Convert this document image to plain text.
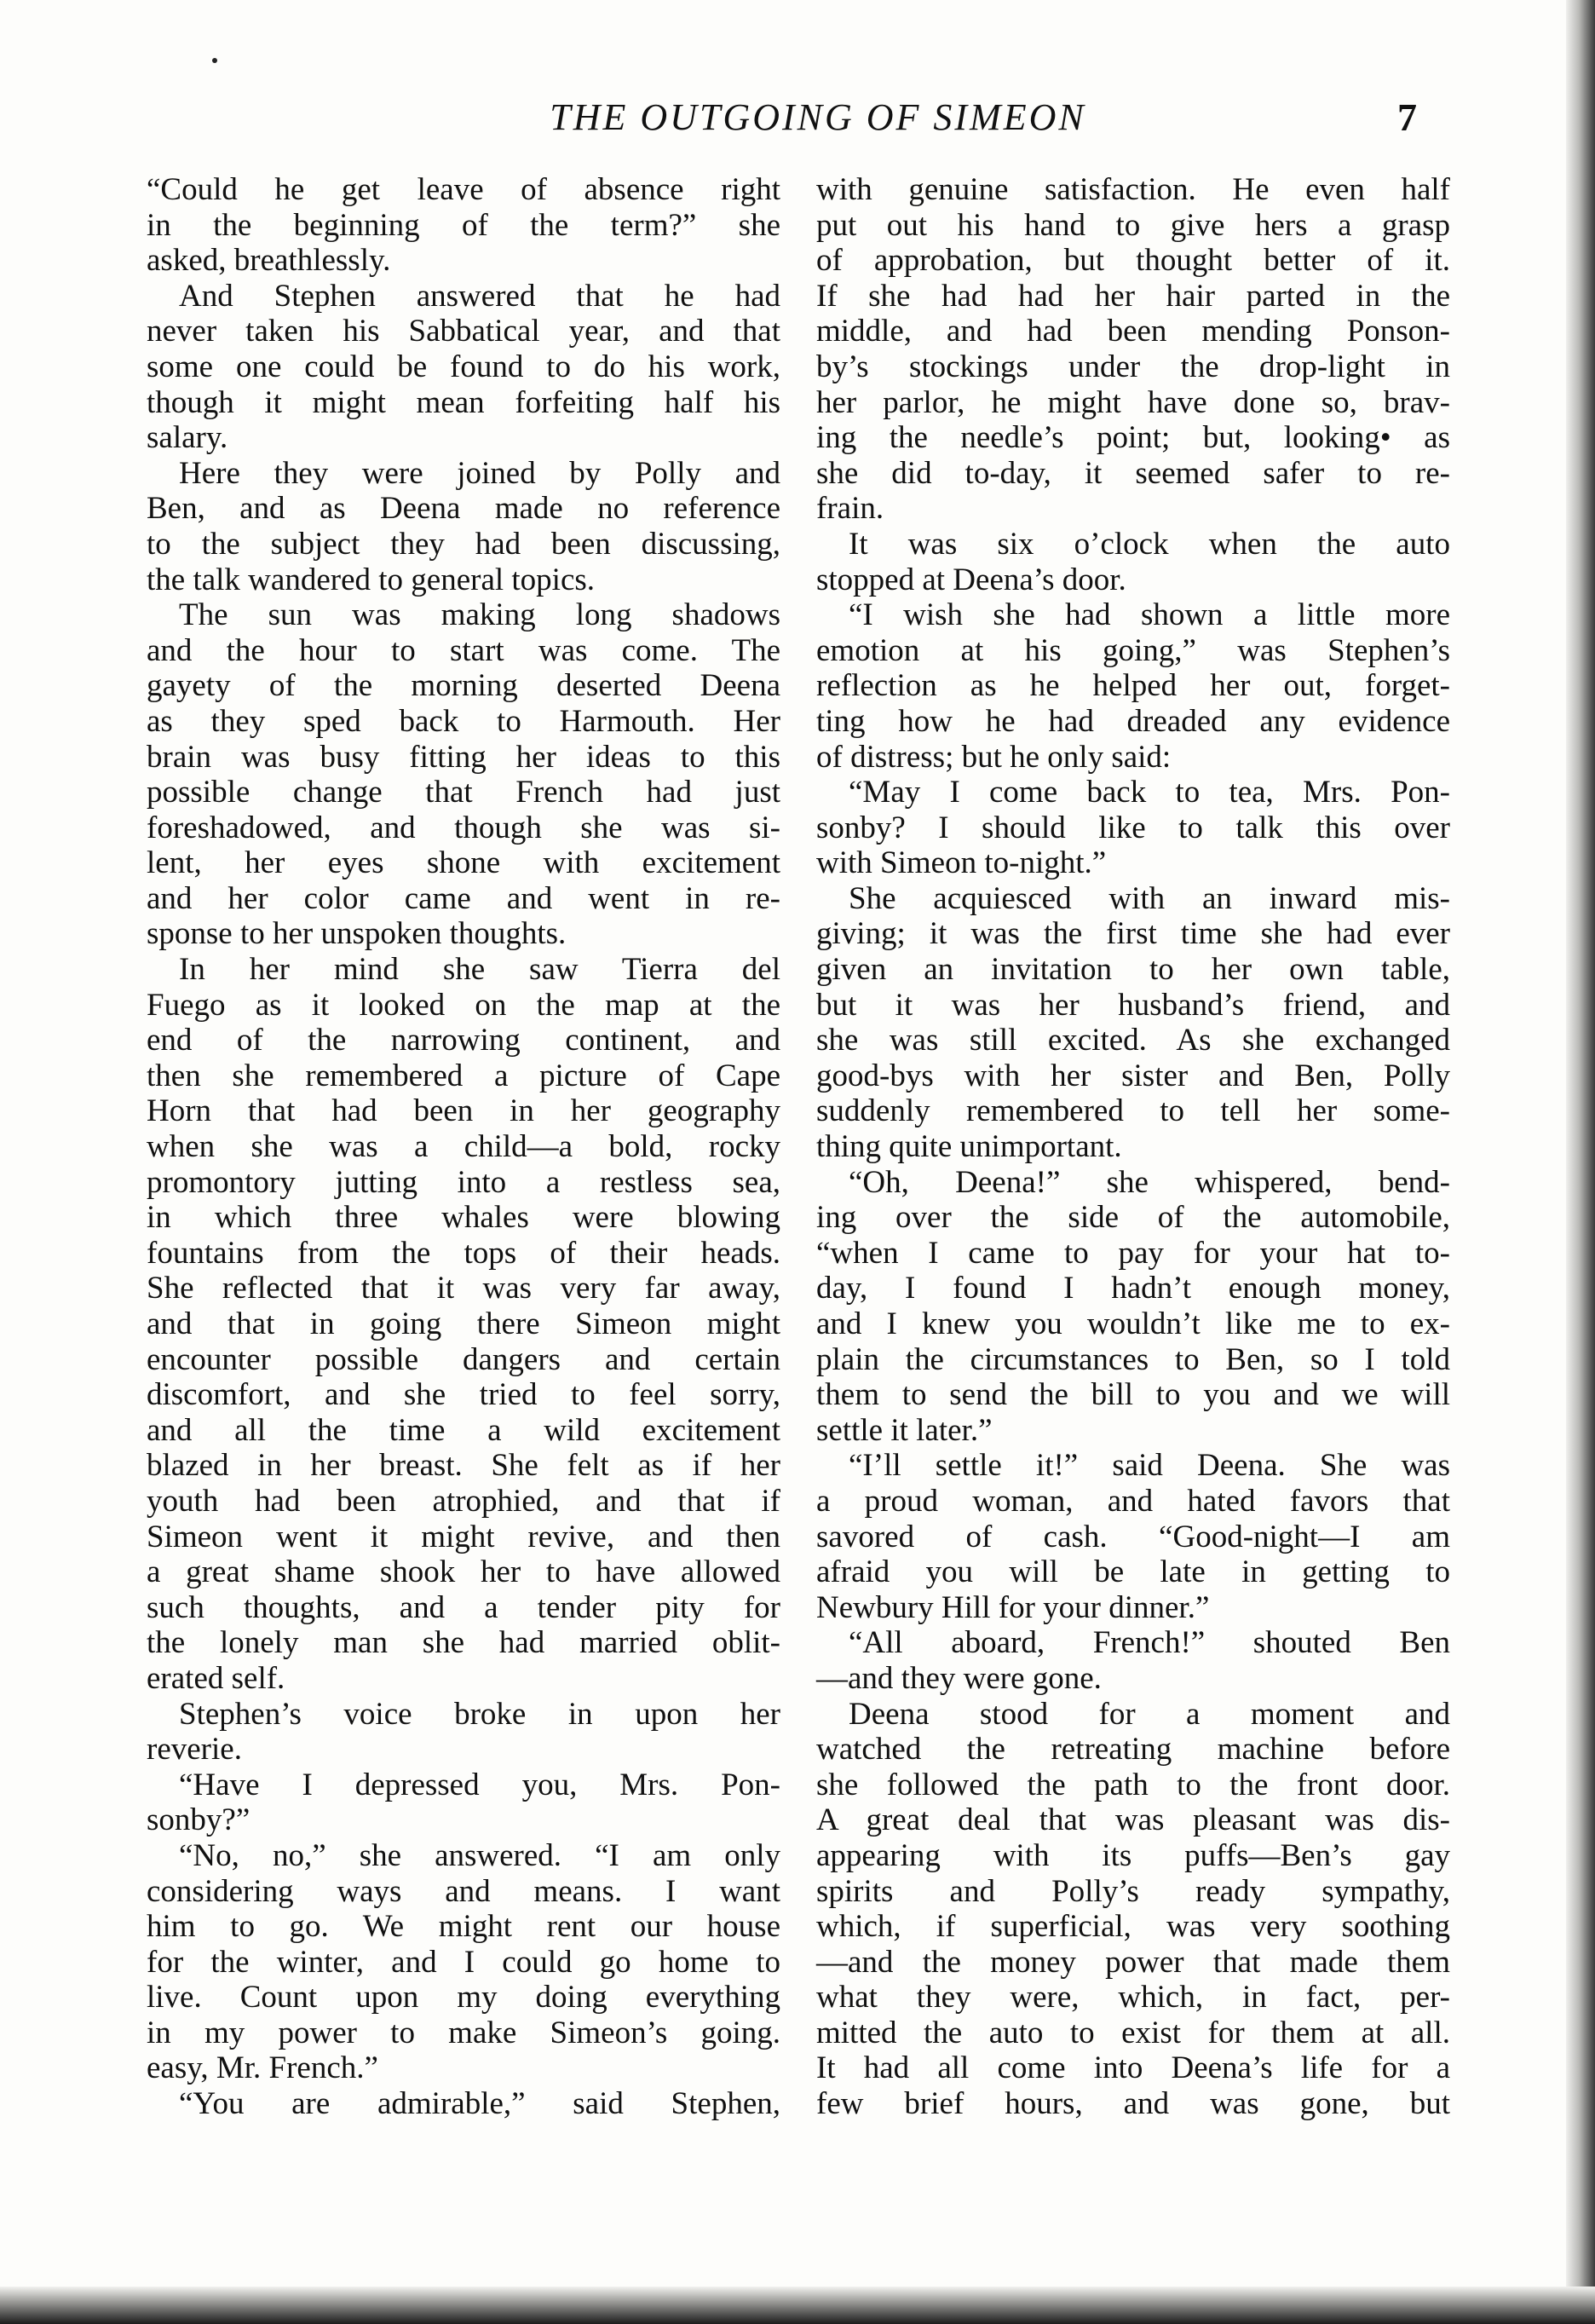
THE OUTGOING OF SIMEON	7
“Could he get leave of absence right
in the beginning of the term?” she
asked, breathlessly.
And Stephen answered that he had
never taken his Sabbatical year, and that
some one could be found to do his work,
though it might mean forfeiting half his
salary.
Here they were joined by Polly and
Ben, and as Deena made no reference
to the subject they had been discussing,
the talk wandered to general topics.
The sun was making long shadows
and the hour to start was come. The
gayety of the morning deserted Deena
as they sped back to Harmouth. Her
brain was busy fitting her ideas to this
possible change that French had just
foreshadowed, and though she was si-
lent, her eyes shone with excitement
and her color came and went in re-
sponse to her unspoken thoughts.
In her mind she saw Tierra del
Fuego as it looked on the map at the
end of the narrowing continent, and
then she remembered a picture of Cape
Horn that had been in her geography
when she was a child—a bold, rocky
promontory jutting into a restless sea,
in which three whales were blowing
fountains from the tops of their heads.
She reflected that it was very far away,
and that in going there Simeon might
encounter possible dangers and certain
discomfort, and she tried to feel sorry,
and all the time a wild excitement
blazed in her breast. She felt as if her
youth had been atrophied, and that if
Simeon went it might revive, and then
a great shame shook her to have allowed
such thoughts, and a tender pity for
the lonely man she had married oblit-
erated self.
Stephen’s voice broke in upon her
reverie.
“Have I depressed you, Mrs. Pon-
sonby?”
“No, no,” she answered. “I am only
considering ways and means. I want
him to go. We might rent our house
for the winter, and I could go home to
live. Count upon my doing everything
in my power to make Simeon’s going.
easy, Mr. French.”
“You are admirable,” said Stephen,
with genuine satisfaction. He even half
put out his hand to give hers a grasp
of approbation, but thought better of it.
If she had had her hair parted in the
middle, and had been mending Ponson-
by’s stockings under the drop-light in
her parlor, he might have done so, brav-
ing the needle’s point; but, looking• as
she did to-day, it seemed safer to re-
frain.
It was six o’clock when the auto
stopped at Deena’s door.
“I wish she had shown a little more
emotion at his going,” was Stephen’s
reflection as he helped her out, forget-
ting how he had dreaded any evidence
of distress; but he only said:
“May I come back to tea, Mrs. Pon-
sonby? I should like to talk this over
with Simeon to-night.”
She acquiesced with an inward mis-
giving; it was the first time she had ever
given an invitation to her own table,
but it was her husband’s friend, and
she was still excited. As she exchanged
good-bys with her sister and Ben, Polly
suddenly remembered to tell her some-
thing quite unimportant.
“Oh, Deena!” she whispered, bend-
ing over the side of the automobile,
“when I came to pay for your hat to-
day, I found I hadn’t enough money,
and I knew you wouldn’t like me to ex-
plain the circumstances to Ben, so I told
them to send the bill to you and we will
settle it later.”
“I’ll settle it!” said Deena. She was
a proud woman, and hated favors that
savored of cash. “Good-night—I am
afraid you will be late in getting to
Newbury Hill for your dinner.”
“All aboard, French!” shouted Ben
—and they were gone.
Deena stood for a moment and
watched the retreating machine before
she followed the path to the front door.
A great deal that was pleasant was dis-
appearing with its puffs—Ben’s gay
spirits and Polly’s ready sympathy,
which, if superficial, was very soothing
—and the money power that made them
what they were, which, in fact, per-
mitted the auto to exist for them at all.
It had all come into Deena’s life for a
few brief hours, and was gone, but
